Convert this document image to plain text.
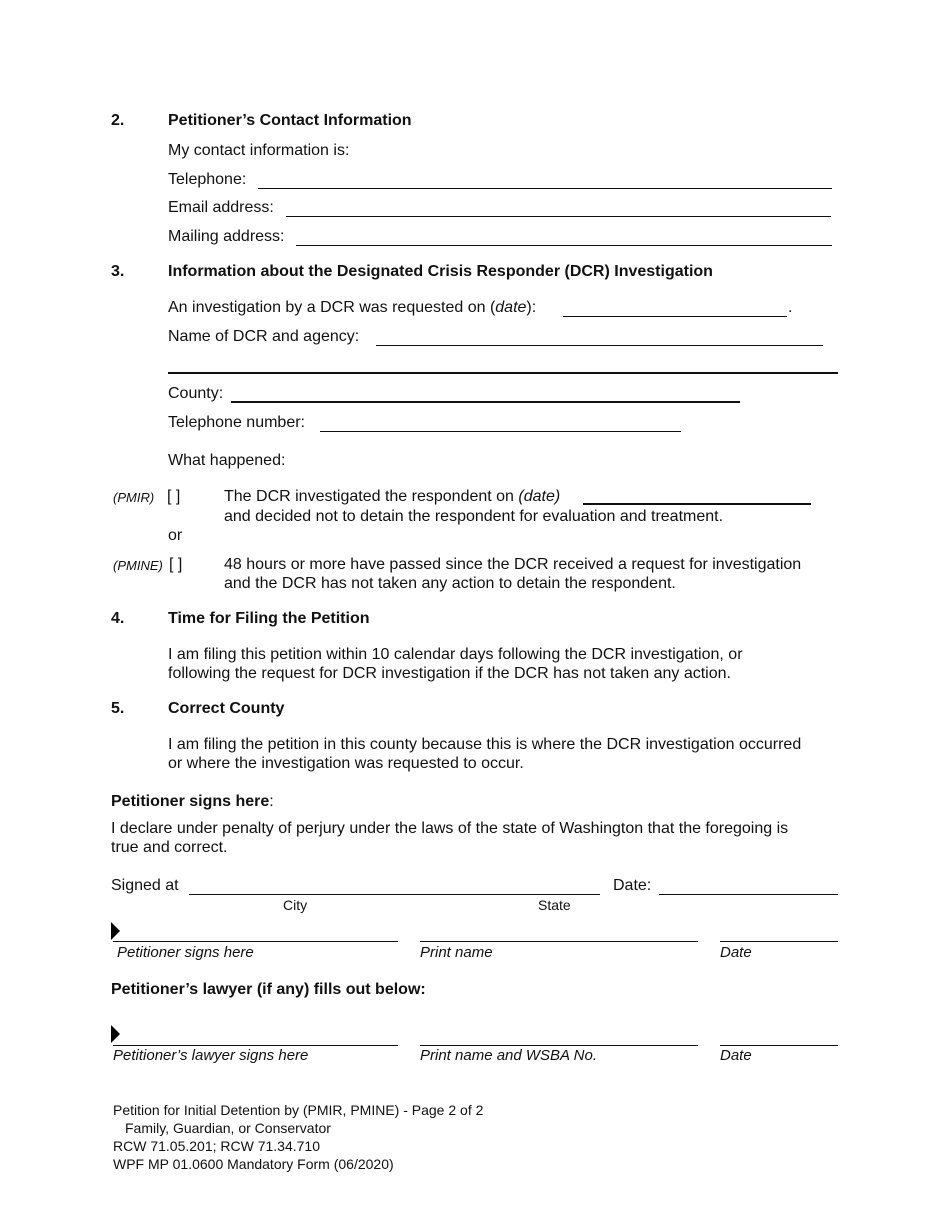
2.	Petitioner’s Contact Information
My contact information is:
Telephone:
Email address:
Mailing address:
3.	Information about the Designated Crisis Responder (DCR) Investigation
An investigation by a DCR was requested on (date):	.
Name of DCR and agency:
County:
Telephone number:
What happened:
(PMIR) [ ]	The DCR investigated the respondent on (date)
and decided not to detain the respondent for evaluation and treatment.
or
(PMINE) [ ]	48 hours or more have passed since the DCR received a request for investigation
and the DCR has not taken any action to detain the respondent.
4.	Time for Filing the Petition
I am filing this petition within 10 calendar days following the DCR investigation, or
following the request for DCR investigation if the DCR has not taken any action.
5.	Correct County
I am filing the petition in this county because this is where the DCR investigation occurred
or where the investigation was requested to occur.
Petitioner signs here:
I declare under penalty of perjury under the laws of the state of Washington that the foregoing is
true and correct.
Signed at	Date:
City	State
Petitioner signs here	Print name	Date
Petitioner’s lawyer (if any) fills out below:
Petitioner’s lawyer signs here	Print name and WSBA No.	Date
Petition for Initial Detention by (PMIR, PMINE) - Page 2 of 2
Family, Guardian, or Conservator
RCW 71.05.201; RCW 71.34.710
WPF MP 01.0600 Mandatory Form (06/2020)
